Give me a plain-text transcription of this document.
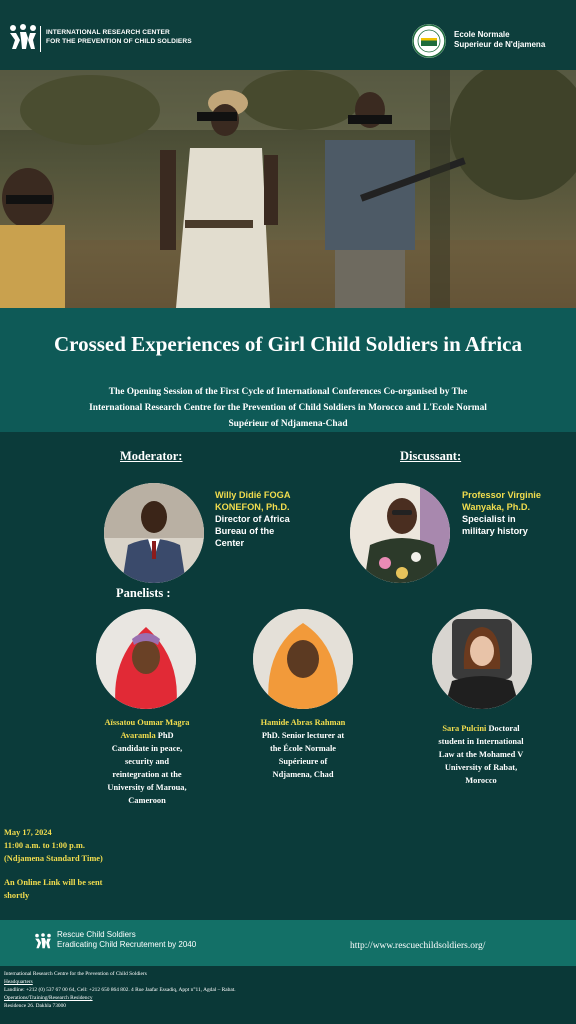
INTERNATIONAL RESEARCH CENTER
FOR THE PREVENTION OF CHILD SOLDIERS
Ecole Normale
Superieur de N'djamena
Crossed Experiences of Girl Child Soldiers in Africa
The Opening Session of the First Cycle of International Conferences Co-organised by The
International Research Centre for the Prevention of Child Soldiers in Morocco and L'Ecole Normal
Supérieur of Ndjamena-Chad
Moderator:
Willy Didié FOGA
KONEFON, Ph.D.
Director of Africa
Bureau of the
Center
Discussant:
Professor Virginie
Wanyaka, Ph.D.
Specialist in
military history
Panelists :
Aïssatou Oumar Magra
Avaramla PhD
Candidate in peace,
security and
reintegration at the
University of Maroua,
Cameroon
Hamide Abras Rahman
PhD. Senior lecturer at
the École Normale
Supérieure of
Ndjamena, Chad
Sara Pulcini Doctoral
student in International
Law at the Mohamed V
University of Rabat,
Morocco
May 17, 2024
11:00 a.m. to 1:00 p.m.
(Ndjamena Standard Time)
An Online Link will be sent
shortly
Rescue Child Soldiers
Eradicating Child Recrutement by 2040	http://www.rescuechildsoldiers.org/
International Research Centre for the Prevention of Child Soldiers
Headquarters
Landline: +212 (0) 537 67 00 64, Cell: +212 650 864 802. 4 Rue Jaafar Essadiq, Appt n°11, Agdal – Rabat.
Operations/Training/Research Residency
Residence 26. Dakhla 73000
